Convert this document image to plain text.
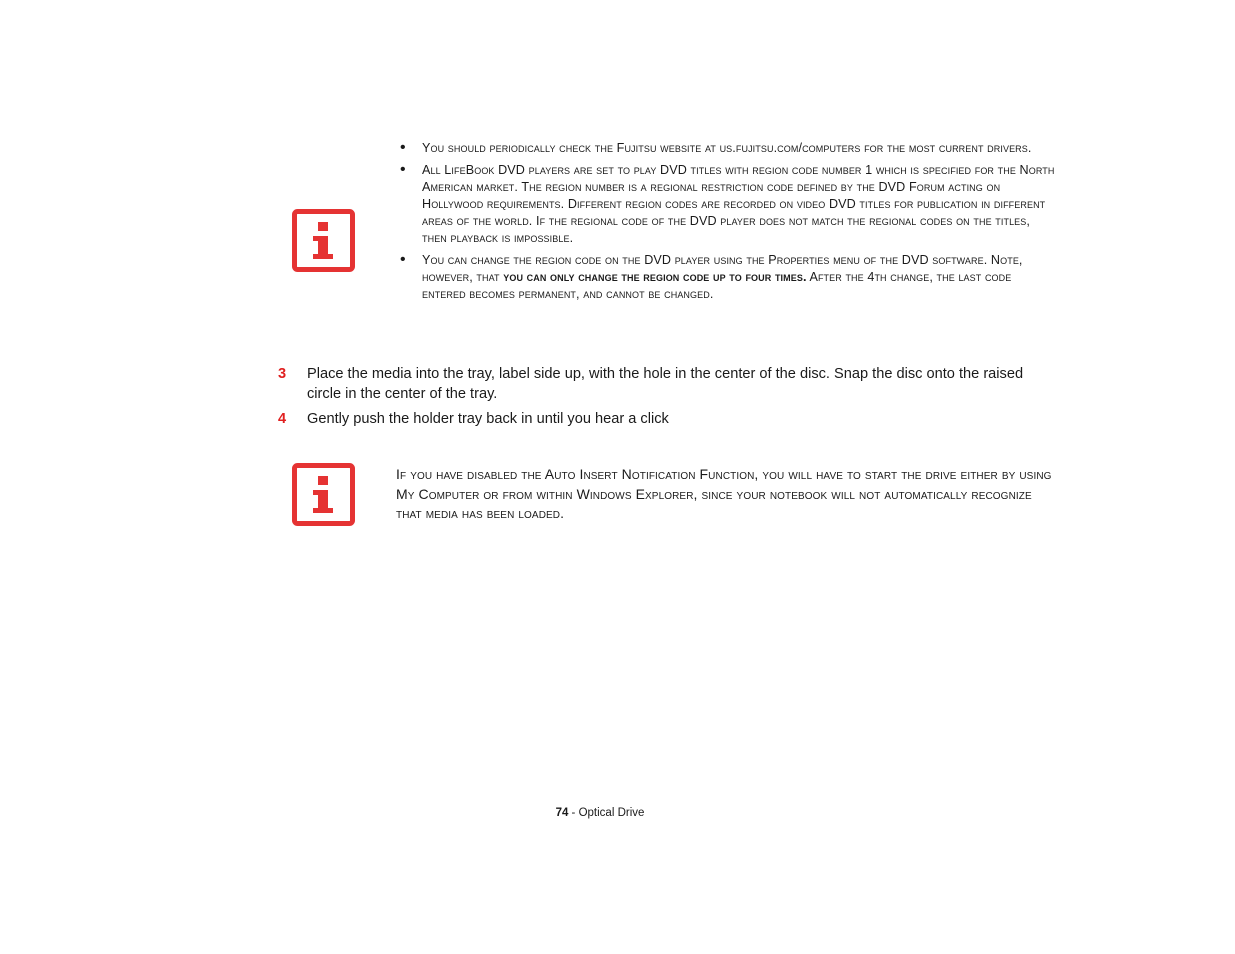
• You should periodically check the Fujitsu website at us.fujitsu.com/computers for the most current drivers.
• All LifeBook DVD players are set to play DVD titles with region code number 1 which is specified for the North American market. The region number is a regional restriction code defined by the DVD Forum acting on Hollywood requirements. Different region codes are recorded on video DVD titles for publication in different areas of the world. If the regional code of the DVD player does not match the regional codes on the titles, then playback is impossible.
• You can change the region code on the DVD player using the Properties menu of the DVD software. Note, however, that you can only change the region code up to four times. After the 4th change, the last code entered becomes permanent, and cannot be changed.
3 Place the media into the tray, label side up, with the hole in the center of the disc. Snap the disc onto the raised circle in the center of the tray.
4 Gently push the holder tray back in until you hear a click
If you have disabled the Auto Insert Notification Function, you will have to start the drive either by using My Computer or from within Windows Explorer, since your notebook will not automatically recognize that media has been loaded.
74 - Optical Drive
